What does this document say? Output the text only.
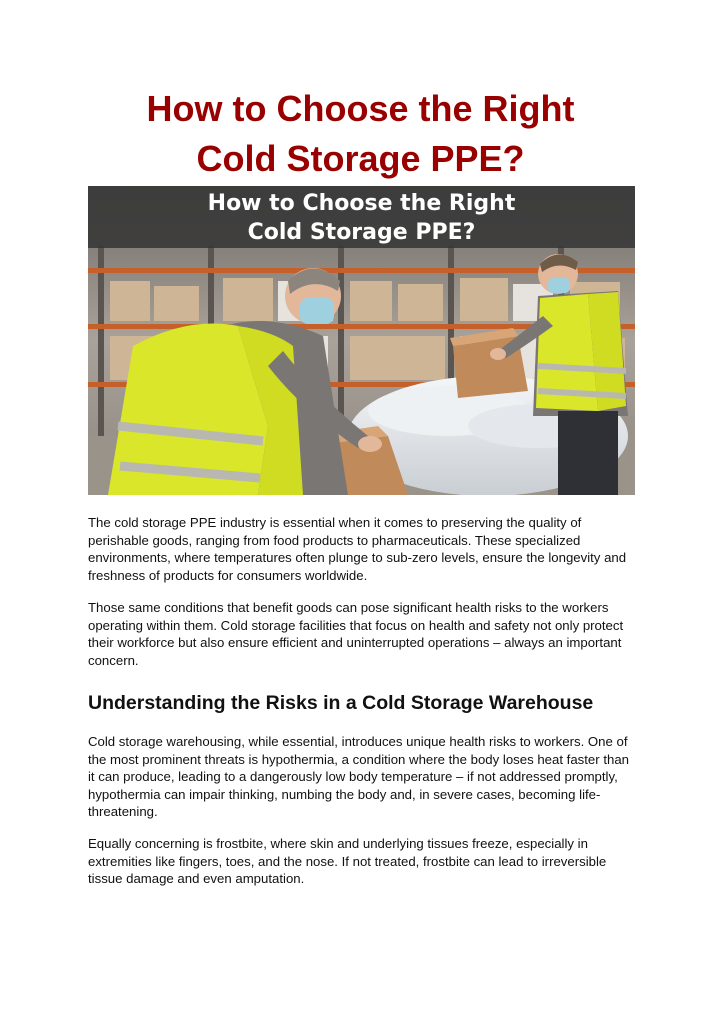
How to Choose the Right
Cold Storage PPE?
How to Choose the Right
Cold Storage PPE?

The cold storage PPE industry is essential when it comes to preserving the quality of perishable goods, ranging from food products to pharmaceuticals. These specialized environments, where temperatures often plunge to sub-zero levels, ensure the longevity and freshness of products for consumers worldwide.

Those same conditions that benefit goods can pose significant health risks to the workers operating within them. Cold storage facilities that focus on health and safety not only protect their workforce but also ensure efficient and uninterrupted operations – always an important concern.

Understanding the Risks in a Cold Storage Warehouse

Cold storage warehousing, while essential, introduces unique health risks to workers. One of the most prominent threats is hypothermia, a condition where the body loses heat faster than it can produce, leading to a dangerously low body temperature – if not addressed promptly, hypothermia can impair thinking, numbing the body and, in severe cases, becoming life-threatening.

Equally concerning is frostbite, where skin and underlying tissues freeze, especially in extremities like fingers, toes, and the nose. If not treated, frostbite can lead to irreversible tissue damage and even amputation.
